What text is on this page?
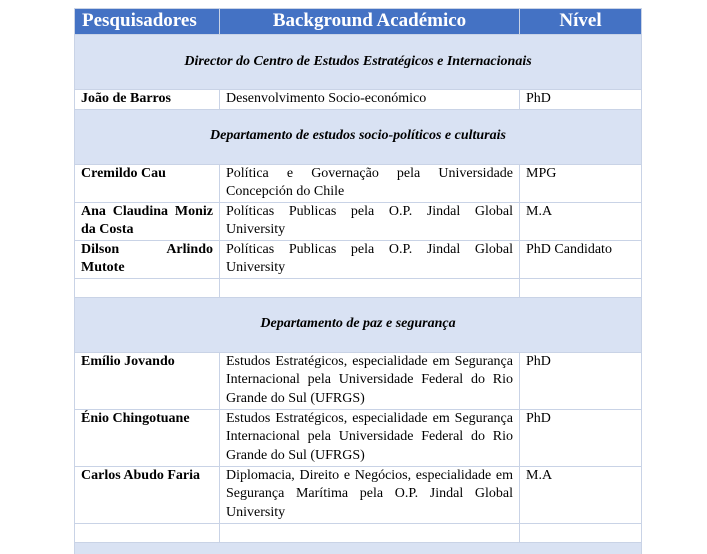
Pesquisadores	Background Académico	Nível
Director do Centro de Estudos Estratégicos e Internacionais		
João de Barros	Desenvolvimento Socio-económico	PhD
Departamento de estudos socio-políticos e culturais		
Cremildo Cau	Política e Governação pela Universidade Concepción do Chile	MPG
Ana Claudina Moniz da Costa	Políticas Publicas pela O.P. Jindal Global University	M.A
Dilson Arlindo Mutote	Políticas Publicas pela O.P. Jindal Global University	PhD Candidato

Departamento de paz e segurança		
Emílio Jovando	Estudos Estratégicos, especialidade em Segurança Internacional pela Universidade Federal do Rio Grande do Sul (UFRGS)	PhD
Énio Chingotuane	Estudos Estratégicos, especialidade em Segurança Internacional pela Universidade Federal do Rio Grande do Sul (UFRGS)	PhD
Carlos Abudo Faria	Diplomacia, Direito e Negócios, especialidade em Segurança Marítima pela O.P. Jindal Global University	M.A
